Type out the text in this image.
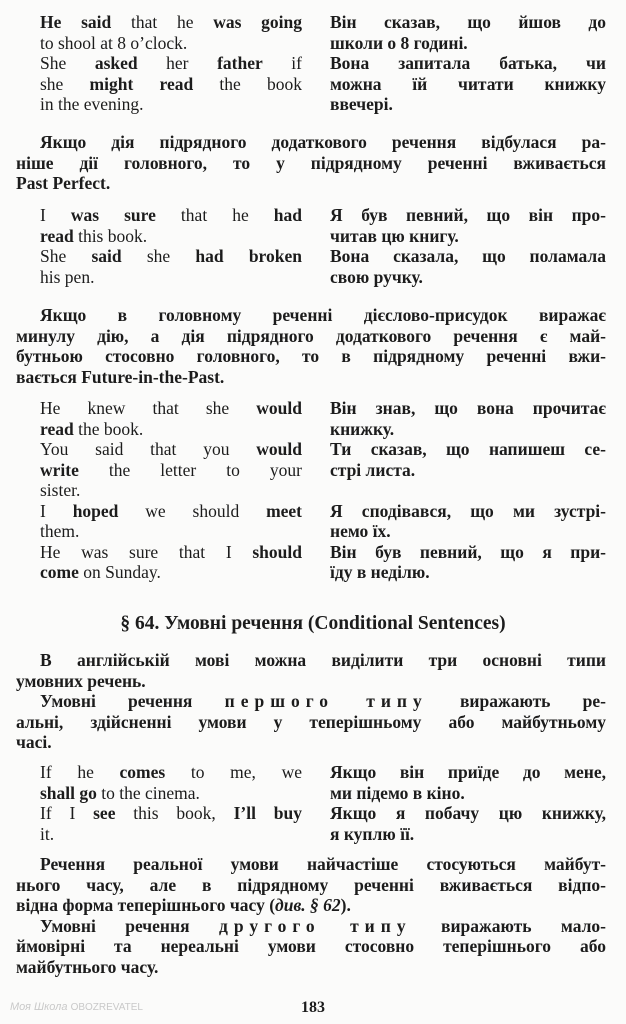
He said that he was going
to shool at 8 o’clock.
She asked her father if
she might read the book
in the evening.
Він сказав, що йшов до
школи о 8 годині.
Вона запитала батька, чи
можна їй читати книжку
ввечері.
Якщо дія підрядного додаткового речення відбулася ра-
ніше дії головного, то у підрядному реченні вживається
Past Perfect.
I was sure that he had
read this book.
She said she had broken
his pen.
Я був певний, що він про-
читав цю книгу.
Вона сказала, що поламала
свою ручку.
Якщо в головному реченні дієслово-присудок виражає
минулу дію, а дія підрядного додаткового речення є май-
бутньою стосовно головного, то в підрядному реченні вжи-
вається Future-in-the-Past.
He knew that she would
read the book.
You said that you would
write the letter to your
sister.
I hoped we should meet
them.
He was sure that I should
come on Sunday.
Він знав, що вона прочитає
книжку.
Ти сказав, що напишеш се-
стрі листа.
Я сподівався, що ми зустрі-
немо їх.
Він був певний, що я при-
їду в неділю.
§ 64. Умовні речення (Conditional Sentences)
В англійській мові можна виділити три основні типи
умовних речень.
Умовні речення першого типу виражають ре-
альні, здійсненні умови у теперішньому або майбутньому
часі.
If he comes to me, we
shall go to the cinema.
If I see this book, I’ll buy
it.
Якщо він приїде до мене,
ми підемо в кіно.
Якщо я побачу цю книжку,
я куплю її.
Речення реальної умови найчастіше стосуються майбут-
нього часу, але в підрядному реченні вживається відпо-
відна форма теперішнього часу (див. § 62).
Умовні речення другого типу виражають мало-
ймовірні та нереальні умови стосовно теперішнього або
майбутнього часу.
183
Моя Школа OBOZREVATEL
